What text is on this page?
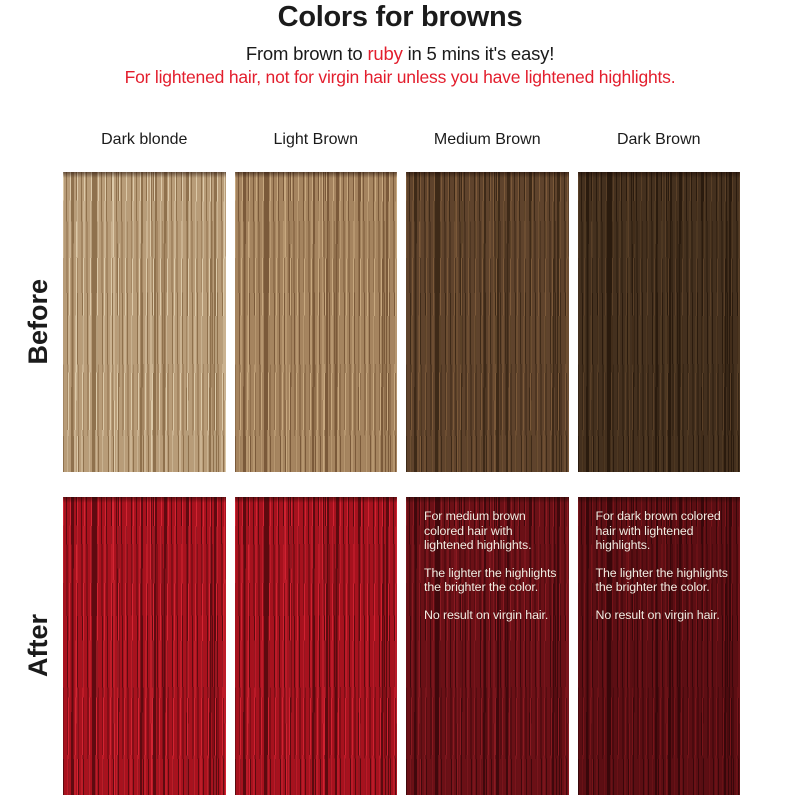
Colors for browns

From brown to ruby in 5 mins it's easy!

For lightened hair, not for virgin hair unless you have lightened highlights.

Dark blonde	Light Brown	Medium Brown	Dark Brown
Before
After

For medium brown colored hair with lightened highlights.

The lighter the highlights the brighter the color.

No result on virgin hair.

For dark brown colored hair with lightened highlights.

The lighter the highlights the brighter the color.

No result on virgin hair.
